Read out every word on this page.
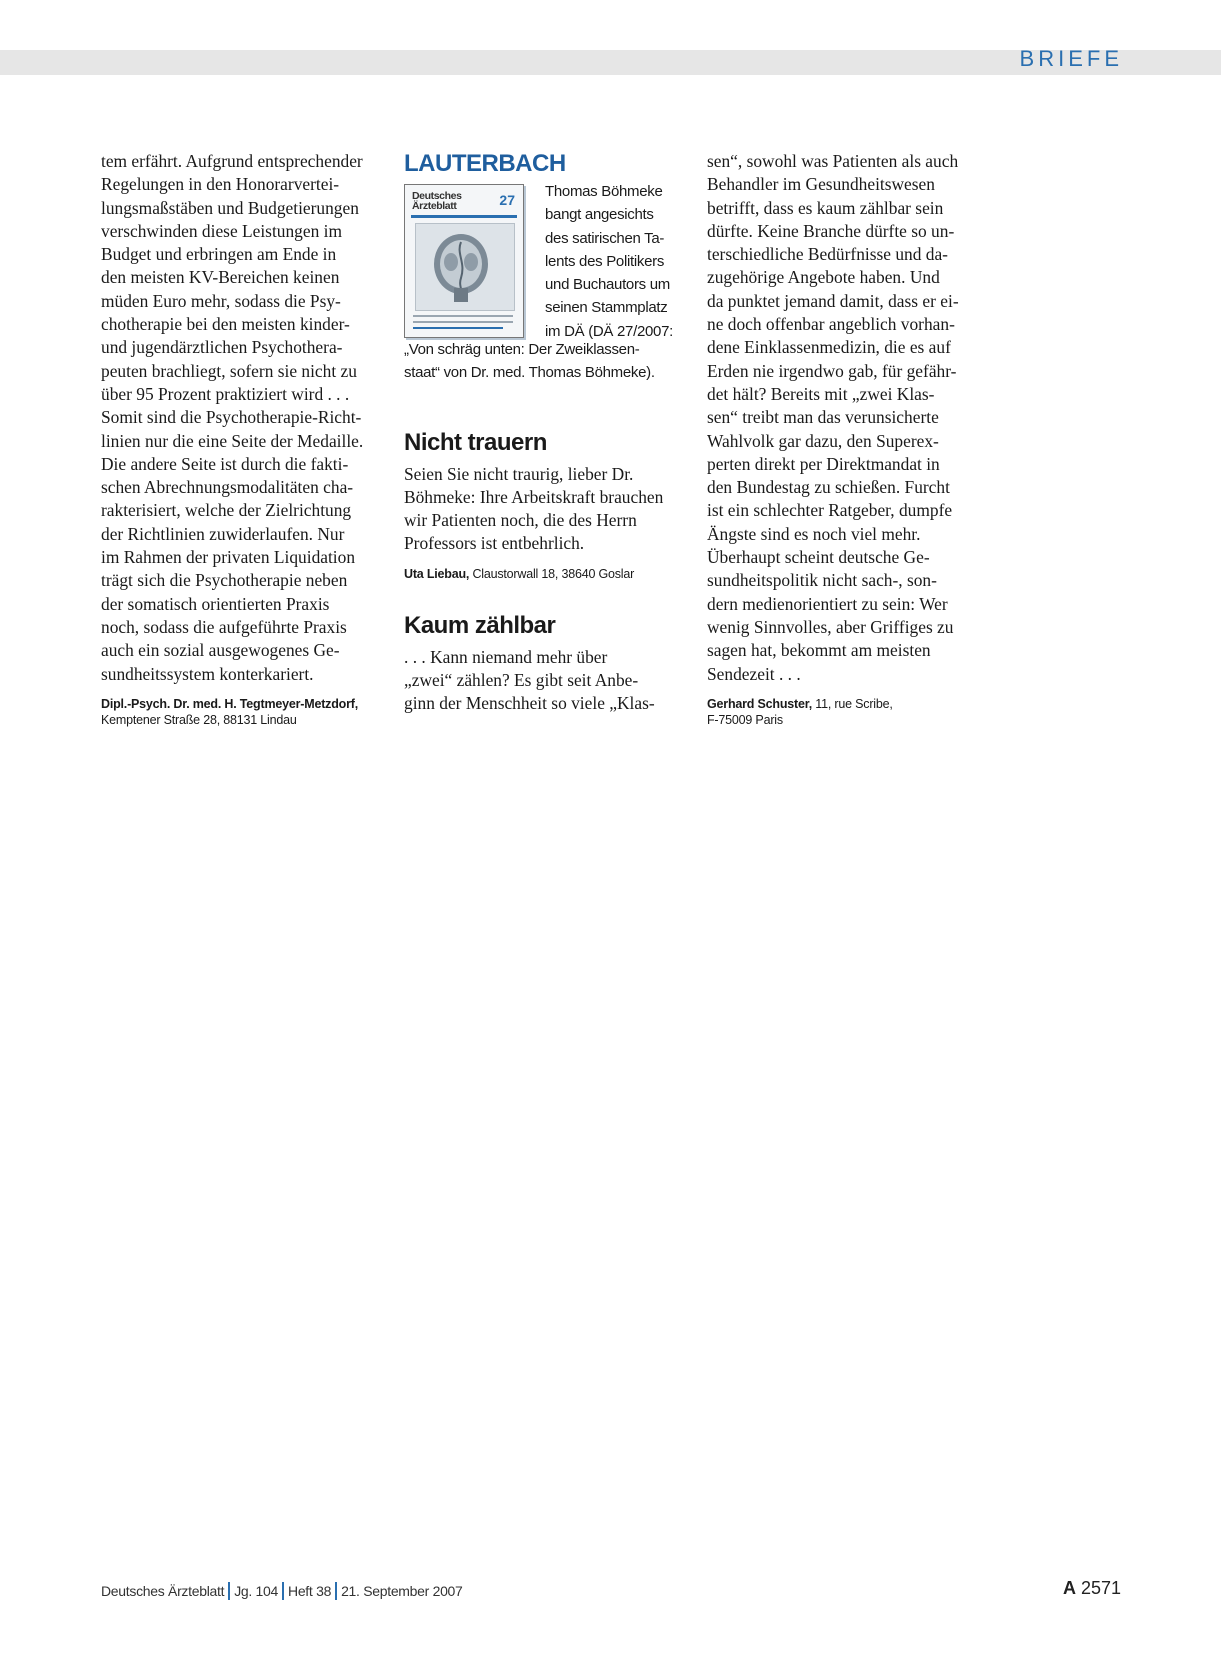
BRIEFE
tem erfährt. Aufgrund entsprechender
Regelungen in den Honorarvertei-
lungsmaßstäben und Budgetierungen
verschwinden diese Leistungen im
Budget und erbringen am Ende in
den meisten KV-Bereichen keinen
müden Euro mehr, sodass die Psy-
chotherapie bei den meisten kinder-
und jugendärztlichen Psychothera-
peuten brachliegt, sofern sie nicht zu
über 95 Prozent praktiziert wird . . .
Somit sind die Psychotherapie-Richt-
linien nur die eine Seite der Medaille.
Die andere Seite ist durch die fakti-
schen Abrechnungsmodalitäten cha-
rakterisiert, welche der Zielrichtung
der Richtlinien zuwiderlaufen. Nur
im Rahmen der privaten Liquidation
trägt sich die Psychotherapie neben
der somatisch orientierten Praxis
noch, sodass die aufgeführte Praxis
auch ein sozial ausgewogenes Ge-
sundheitssystem konterkariert.
Dipl.-Psych. Dr. med. H. Tegtmeyer-Metzdorf,
Kemptener Straße 28, 88131 Lindau
LAUTERBACH
Deutsches
Ärzteblatt	27 Thomas Böhmeke
bangt angesichts
des satirischen Ta-
lents des Politikers
und Buchautors um
seinen Stammplatz
im DÄ (DÄ 27/2007:
„Von schräg unten: Der Zweiklassen-
staat“ von Dr. med. Thomas Böhmeke).
Nicht trauern
Seien Sie nicht traurig, lieber Dr.
Böhmeke: Ihre Arbeitskraft brauchen
wir Patienten noch, die des Herrn
Professors ist entbehrlich.
Uta Liebau, Claustorwall 18, 38640 Goslar
Kaum zählbar
. . . Kann niemand mehr über
„zwei“ zählen? Es gibt seit Anbe-
ginn der Menschheit so viele „Klas-
sen“, sowohl was Patienten als auch
Behandler im Gesundheitswesen
betrifft, dass es kaum zählbar sein
dürfte. Keine Branche dürfte so un-
terschiedliche Bedürfnisse und da-
zugehörige Angebote haben. Und
da punktet jemand damit, dass er ei-
ne doch offenbar angeblich vorhan-
dene Einklassenmedizin, die es auf
Erden nie irgendwo gab, für gefähr-
det hält? Bereits mit „zwei Klas-
sen“ treibt man das verunsicherte
Wahlvolk gar dazu, den Superex-
perten direkt per Direktmandat in
den Bundestag zu schießen. Furcht
ist ein schlechter Ratgeber, dumpfe
Ängste sind es noch viel mehr.
Überhaupt scheint deutsche Ge-
sundheitspolitik nicht sach-, son-
dern medienorientiert zu sein: Wer
wenig Sinnvolles, aber Griffiges zu
sagen hat, bekommt am meisten
Sendezeit . . .
Gerhard Schuster, 11, rue Scribe,
F-75009 Paris
Deutsches Ärzteblatt Jg. 104 Heft 38 21. September 2007	A 2571
